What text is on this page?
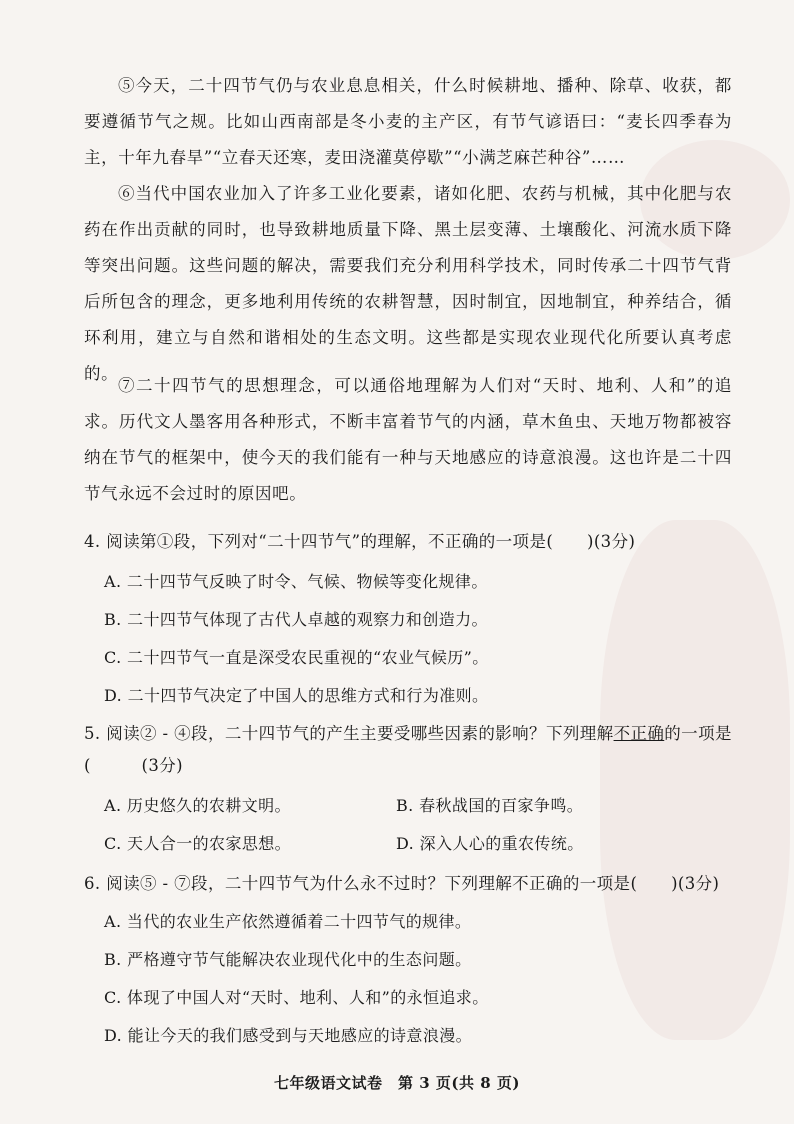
⑤今天，二十四节气仍与农业息息相关，什么时候耕地、播种、除草、收获，都要遵循节气之规。比如山西南部是冬小麦的主产区，有节气谚语曰：“麦长四季春为主，十年九春旱”“立春天还寒，麦田浇灌莫停歇”“小满芝麻芒种谷”……
⑥当代中国农业加入了许多工业化要素，诸如化肥、农药与机械，其中化肥与农药在作出贡献的同时，也导致耕地质量下降、黑土层变薄、土壤酸化、河流水质下降等突出问题。这些问题的解决，需要我们充分利用科学技术，同时传承二十四节气背后所包含的理念，更多地利用传统的农耕智慧，因时制宜，因地制宜，种养结合，循环利用，建立与自然和谐相处的生态文明。这些都是实现农业现代化所要认真考虑的。
⑦二十四节气的思想理念，可以通俗地理解为人们对“天时、地利、人和”的追求。历代文人墨客用各种形式，不断丰富着节气的内涵，草木鱼虫、天地万物都被容纳在节气的框架中，使今天的我们能有一种与天地感应的诗意浪漫。这也许是二十四节气永远不会过时的原因吧。
4. 阅读第①段，下列对“二十四节气”的理解，不正确的一项是(　　)(3分)
A. 二十四节气反映了时令、气候、物候等变化规律。
B. 二十四节气体现了古代人卓越的观察力和创造力。
C. 二十四节气一直是深受农民重视的“农业气候历”。
D. 二十四节气决定了中国人的思维方式和行为准则。
5. 阅读② - ④段，二十四节气的产生主要受哪些因素的影响？下列理解不正确的一项是
(　　　(3分)
A. 历史悠久的农耕文明。	B. 春秋战国的百家争鸣。
C. 天人合一的农家思想。	D. 深入人心的重农传统。
6. 阅读⑤ - ⑦段，二十四节气为什么永不过时？下列理解不正确的一项是(　　)(3分)
A. 当代的农业生产依然遵循着二十四节气的规律。
B. 严格遵守节气能解决农业现代化中的生态问题。
C. 体现了中国人对“天时、地利、人和”的永恒追求。
D. 能让今天的我们感受到与天地感应的诗意浪漫。
七年级语文试卷　第 3 页(共 8 页)
